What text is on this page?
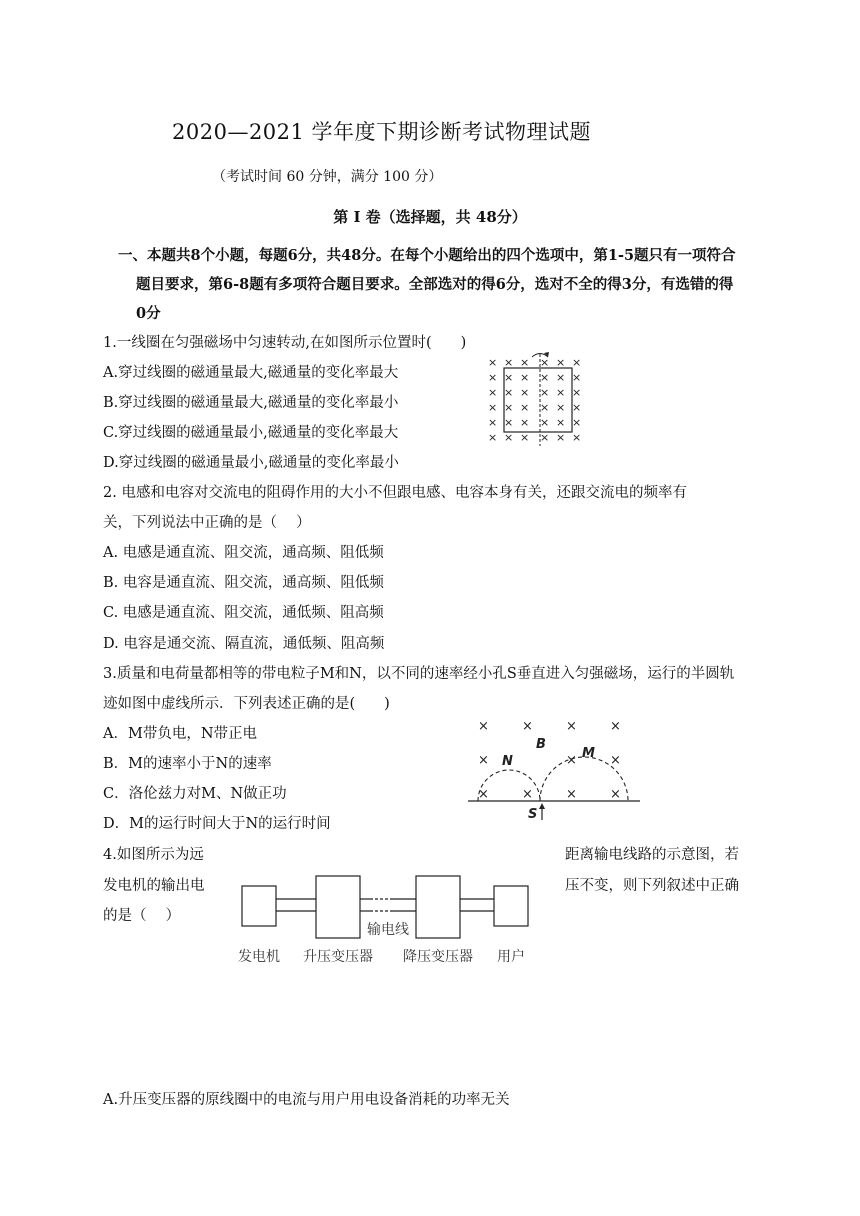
2020—2021 学年度下期诊断考试物理试题
（考试时间 60 分钟，满分 100 分）
第 I 卷（选择题，共 48分）
一、本题共8个小题，每题6分，共48分。在每个小题给出的四个选项中，第1-5题只有一项符合
题目要求，第6-8题有多项符合题目要求。全部选对的得6分，选对不全的得3分，有选错的得
0分
1.一线圈在匀强磁场中匀速转动,在如图所示位置时(　　)
A.穿过线圈的磁通量最大,磁通量的变化率最大
B.穿过线圈的磁通量最大,磁通量的变化率最小
C.穿过线圈的磁通量最小,磁通量的变化率最大
D.穿过线圈的磁通量最小,磁通量的变化率最小
× × × × × ×
× × × × × ×
× × × × × ×
× × × × × ×
× × × × × ×
× × × × × ×
2. 电感和电容对交流电的阻碍作用的大小不但跟电感、电容本身有关，还跟交流电的频率有
关，下列说法中正确的是（　 ）
A. 电感是通直流、阻交流，通高频、阻低频
B. 电容是通直流、阻交流，通高频、阻低频
C. 电感是通直流、阻交流，通低频、阻高频
D. 电容是通交流、隔直流，通低频、阻高频
3.质量和电荷量都相等的带电粒子M和N，以不同的速率经小孔S垂直进入匀强磁场，运行的半圆轨
迹如图中虚线所示．下列表述正确的是(　　)
A．M带负电，N带正电
B．M的速率小于N的速率
C．洛伦兹力对M、N做正功
D．M的运行时间大于N的运行时间
×	×	×	×
×	×	×
×	×	×	×
B
N
M
S
4.如图所示为远	距离输电线路的示意图，若
发电机的输出电	压不变，则下列叙述中正确
的是（　 ）
输电线
发电机 升压变压器 降压变压器 用户
A.升压变压器的原线圈中的电流与用户用电设备消耗的功率无关
